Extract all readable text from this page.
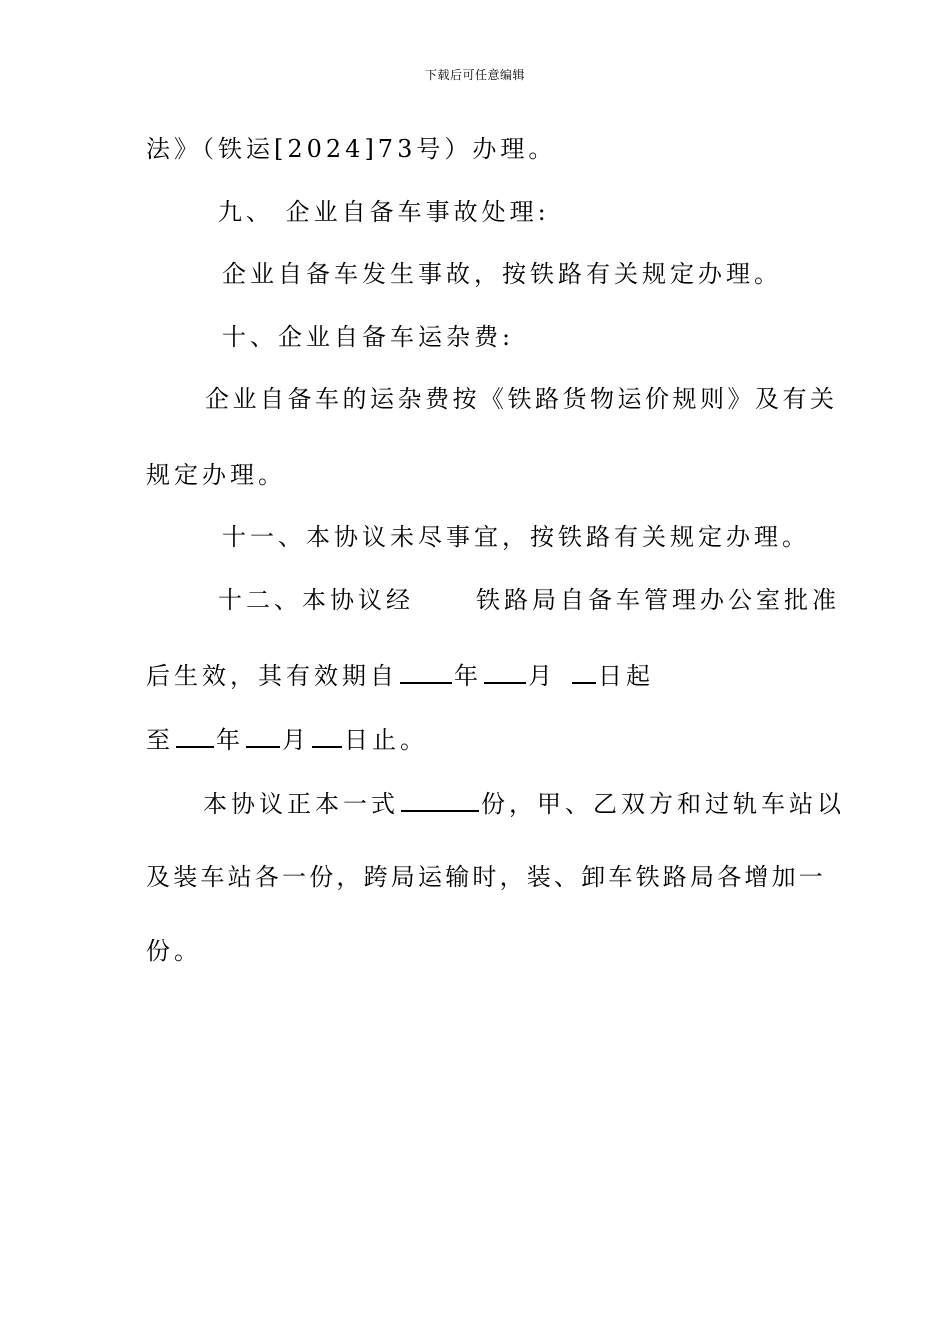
下载后可任意编辑
法》（铁运[2024]73号）办理。
九、 企业自备车事故处理:
企业自备车发生事故，按铁路有关规定办理。
十、企业自备车运杂费:
企业自备车的运杂费按《铁路货物运价规则》及有关
规定办理。
十一、本协议未尽事宜，按铁路有关规定办理。
十二、本协议经	铁路局自备车管理办公室批准
后生效，其有效期自 年 月 日起
至 年 月 日止。
本协议正本一式	份，甲、乙双方和过轨车站以
及装车站各一份，跨局运输时，装、卸车铁路局各增加一
份。
